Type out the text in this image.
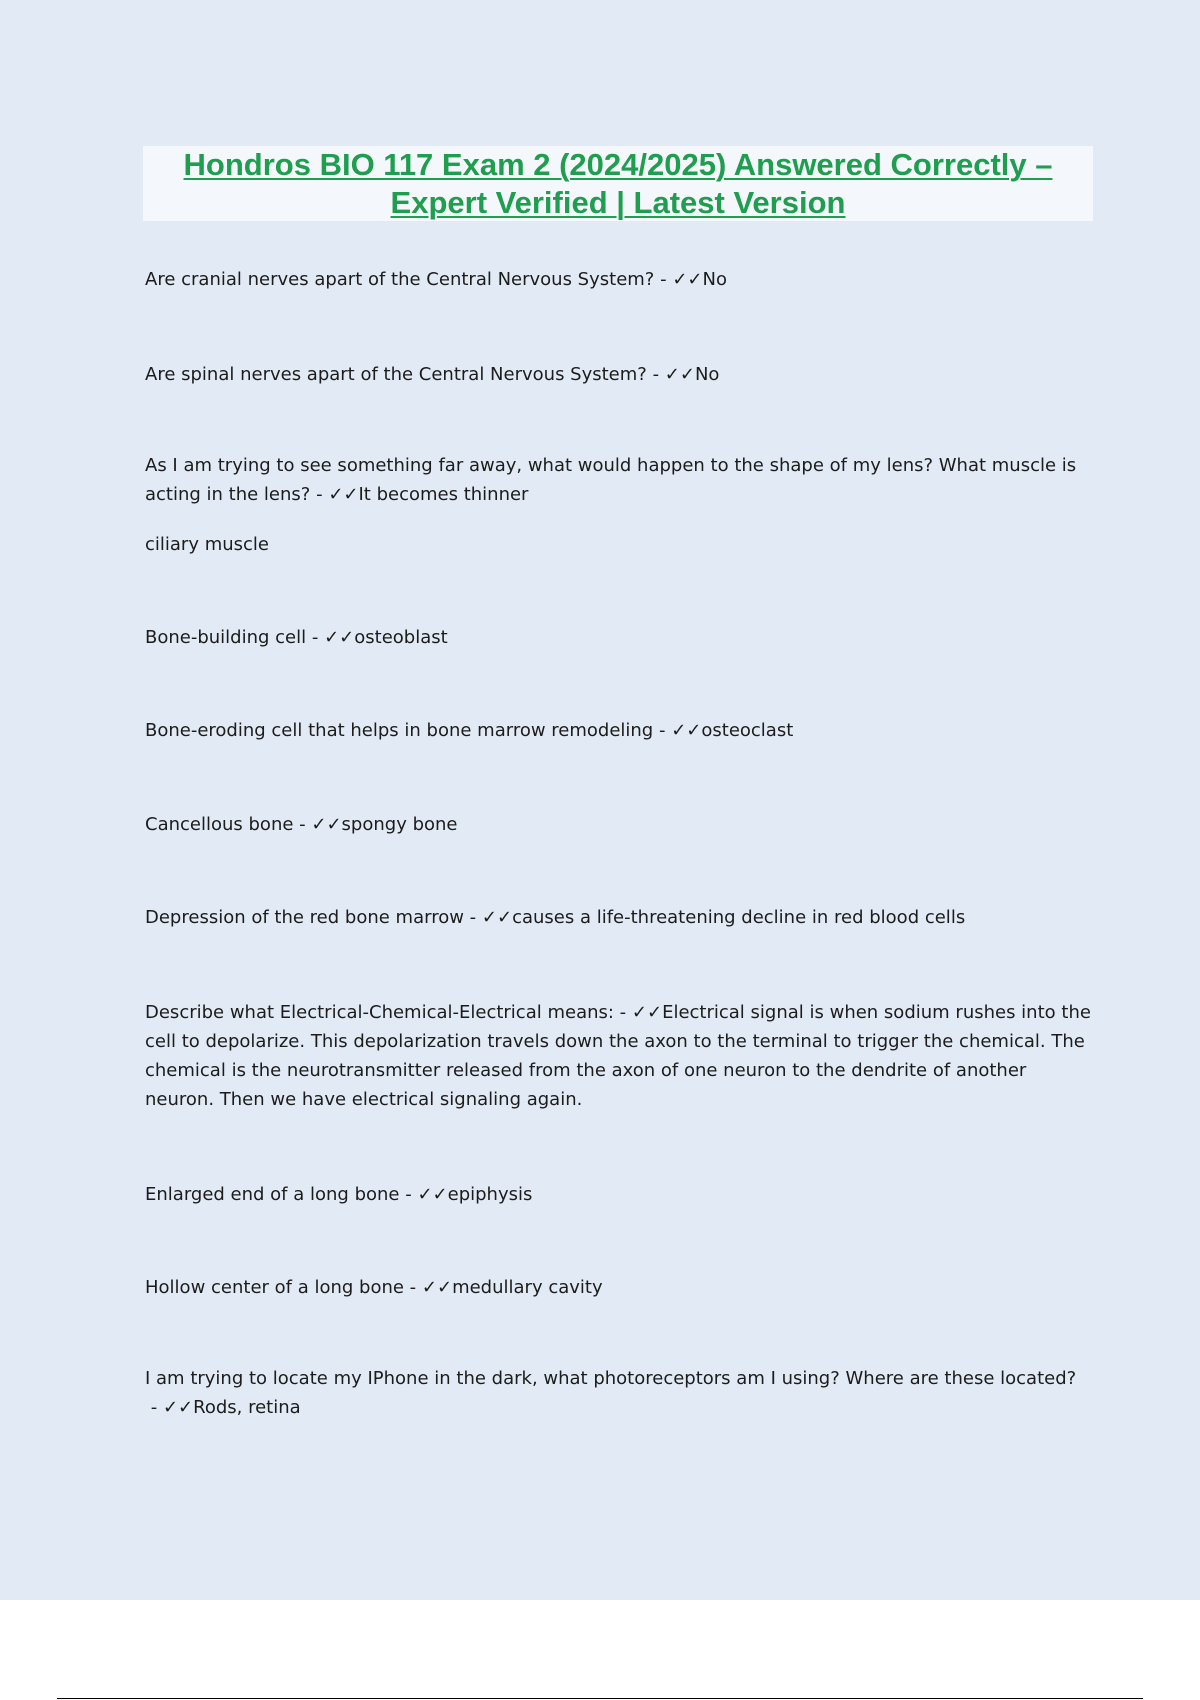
Hondros BIO 117 Exam 2 (2024/2025) Answered Correctly –
Expert Verified | Latest Version
Are cranial nerves apart of the Central Nervous System? - ✓✓No
Are spinal nerves apart of the Central Nervous System? - ✓✓No
As I am trying to see something far away, what would happen to the shape of my lens? What muscle is acting in the lens? - ✓✓It becomes thinner
ciliary muscle
Bone-building cell - ✓✓osteoblast
Bone-eroding cell that helps in bone marrow remodeling - ✓✓osteoclast
Cancellous bone - ✓✓spongy bone
Depression of the red bone marrow - ✓✓causes a life-threatening decline in red blood cells
Describe what Electrical-Chemical-Electrical means: - ✓✓Electrical signal is when sodium rushes into the cell to depolarize. This depolarization travels down the axon to the terminal to trigger the chemical. The chemical is the neurotransmitter released from the axon of one neuron to the dendrite of another neuron. Then we have electrical signaling again.
Enlarged end of a long bone - ✓✓epiphysis
Hollow center of a long bone - ✓✓medullary cavity
I am trying to locate my IPhone in the dark, what photoreceptors am I using? Where are these located? - ✓✓Rods, retina
